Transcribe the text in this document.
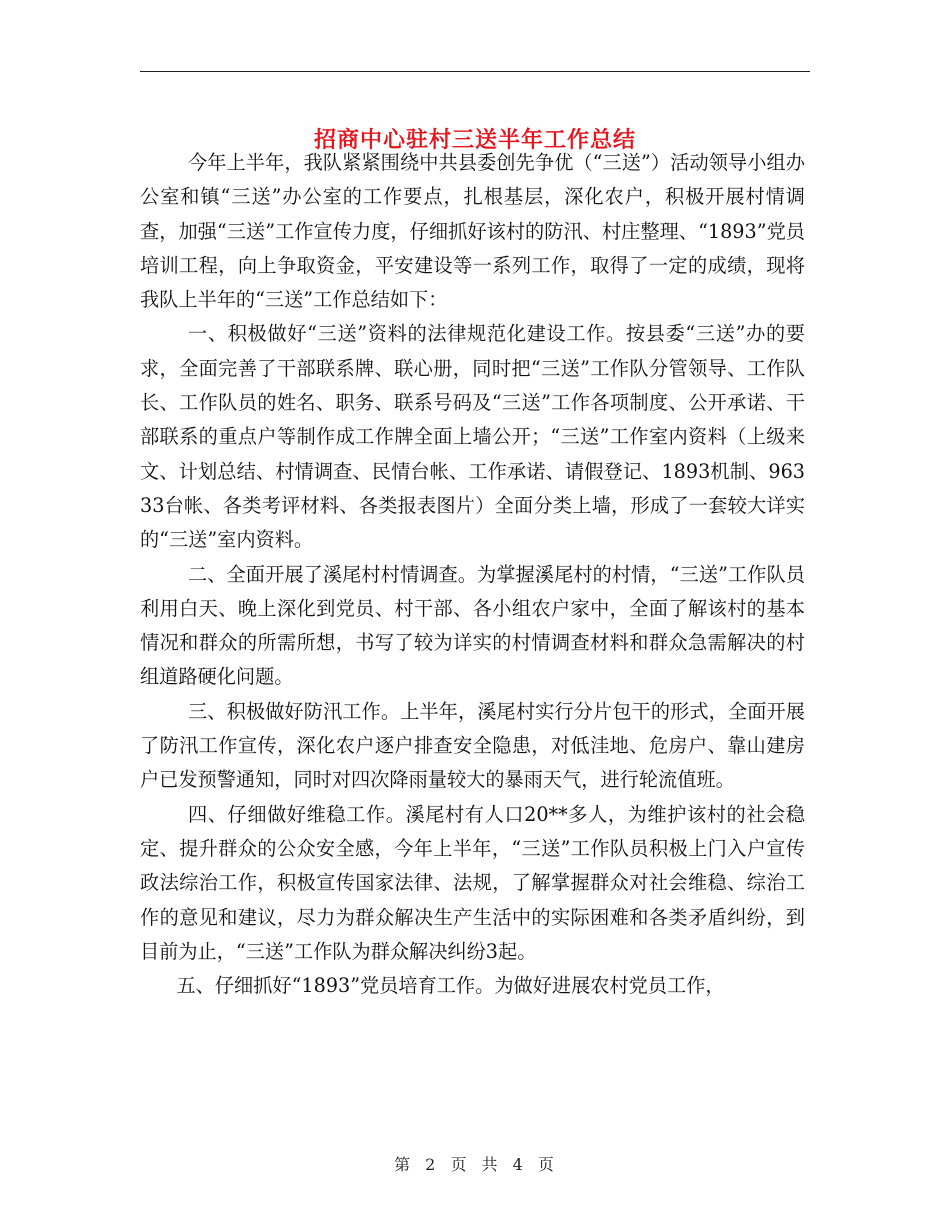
招商中心驻村三送半年工作总结

今年上半年，我队紧紧围绕中共县委创先争优（“三送”）活动领导小组办公室和镇“三送”办公室的工作要点，扎根基层，深化农户，积极开展村情调查，加强“三送”工作宣传力度，仔细抓好该村的防汛、村庄整理、“1893”党员培训工程，向上争取资金，平安建设等一系列工作，取得了一定的成绩，现将我队上半年的“三送”工作总结如下：

一、积极做好“三送”资料的法律规范化建设工作。按县委“三送”办的要求，全面完善了干部联系牌、联心册，同时把“三送”工作队分管领导、工作队长、工作队员的姓名、职务、联系号码及“三送”工作各项制度、公开承诺、干部联系的重点户等制作成工作牌全面上墙公开；“三送”工作室内资料（上级来文、计划总结、村情调查、民情台帐、工作承诺、请假登记、1893机制、96333台帐、各类考评材料、各类报表图片）全面分类上墙，形成了一套较大详实的“三送”室内资料。

二、全面开展了溪尾村村情调查。为掌握溪尾村的村情，“三送”工作队员利用白天、晚上深化到党员、村干部、各小组农户家中，全面了解该村的基本情况和群众的所需所想，书写了较为详实的村情调查材料和群众急需解决的村组道路硬化问题。

三、积极做好防汛工作。上半年，溪尾村实行分片包干的形式，全面开展了防汛工作宣传，深化农户逐户排查安全隐患，对低洼地、危房户、靠山建房户已发预警通知，同时对四次降雨量较大的暴雨天气，进行轮流值班。

四、仔细做好维稳工作。溪尾村有人口20**多人，为维护该村的社会稳定、提升群众的公众安全感，今年上半年，“三送”工作队员积极上门入户宣传政法综治工作，积极宣传国家法律、法规，了解掌握群众对社会维稳、综治工作的意见和建议，尽力为群众解决生产生活中的实际困难和各类矛盾纠纷，到目前为止，“三送”工作队为群众解决纠纷3起。

五、仔细抓好“1893”党员培育工作。为做好进展农村党员工作，

第 2 页 共 4 页
